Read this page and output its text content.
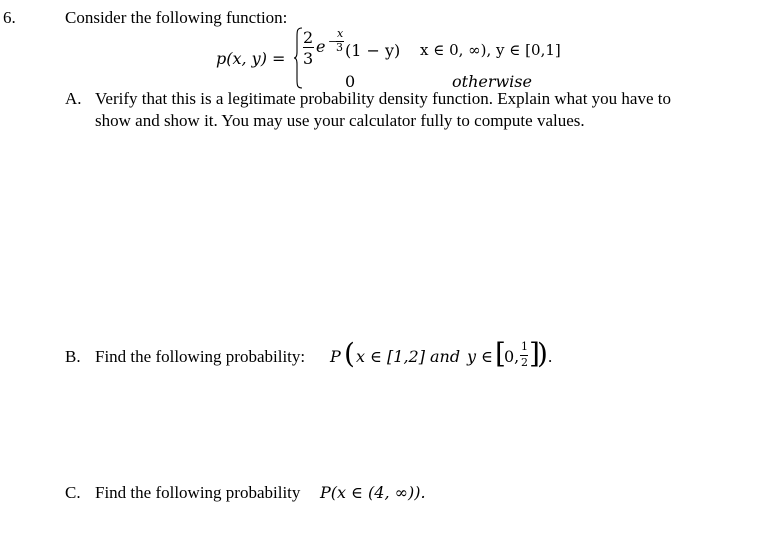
6.	Consider the following function:
p(x, y) =
2
3
e −
x
3 (1 − y) x ∈ 0, ∞), y ∈ [0,1]
0	otherwise
A. Verify that this is a legitimate probability density function. Explain what you have to
show and show it. You may use your calculator fully to compute values.
B. Find the following probability: P ( x ∈ [1,2] and y ∈ [
0,
1
2 ]
) .
C. Find the following probability P(x ∈ (4, ∞)).
